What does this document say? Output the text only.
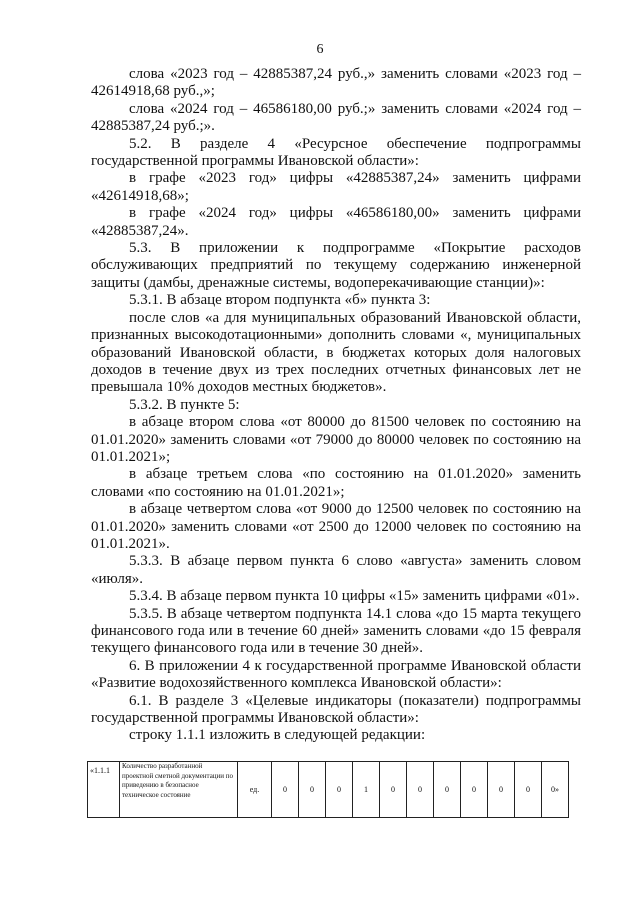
6

слова «2023 год – 42885387,24 руб.,» заменить словами «2023 год – 42614918,68 руб.,»;

слова «2024 год – 46586180,00 руб.;» заменить словами «2024 год – 42885387,24 руб.;».

5.2. В разделе 4 «Ресурсное обеспечение подпрограммы государственной программы Ивановской области»:

в графе «2023 год» цифры «42885387,24» заменить цифрами «42614918,68»;

в графе «2024 год» цифры «46586180,00» заменить цифрами «42885387,24».

5.3. В приложении к подпрограмме «Покрытие расходов обслуживающих предприятий по текущему содержанию инженерной защиты (дамбы, дренажные системы, водоперекачивающие станции)»:

5.3.1. В абзаце втором подпункта «б» пункта 3:

после слов «а для муниципальных образований Ивановской области, признанных высокодотационными» дополнить словами «, муниципальных образований Ивановской области, в бюджетах которых доля налоговых доходов в течение двух из трех последних отчетных финансовых лет не превышала 10% доходов местных бюджетов».

5.3.2. В пункте 5:

в абзаце втором слова «от 80000 до 81500 человек по состоянию на 01.01.2020» заменить словами «от 79000 до 80000 человек по состоянию на 01.01.2021»;

в абзаце третьем слова «по состоянию на 01.01.2020» заменить словами «по состоянию на 01.01.2021»;

в абзаце четвертом слова «от 9000 до 12500 человек по состоянию на 01.01.2020» заменить словами «от 2500 до 12000 человек по состоянию на 01.01.2021».

5.3.3. В абзаце первом пункта 6 слово «августа» заменить словом «июля».

5.3.4. В абзаце первом пункта 10 цифры «15» заменить цифрами «01».

5.3.5. В абзаце четвертом подпункта 14.1 слова «до 15 марта текущего финансового года или в течение 60 дней» заменить словами «до 15 февраля текущего финансового года или в течение 30 дней».

6. В приложении 4 к государственной программе Ивановской области «Развитие водохозяйственного комплекса Ивановской области»:

6.1. В разделе 3 «Целевые индикаторы (показатели) подпрограммы государственной программы Ивановской области»:

строку 1.1.1 изложить в следующей редакции:

«1.1.1	Количество разработанной проектной сметной документации по приведению в безопасное техническое состояние	ед.	0	0	0	1	0	0	0	0	0	0	0»
